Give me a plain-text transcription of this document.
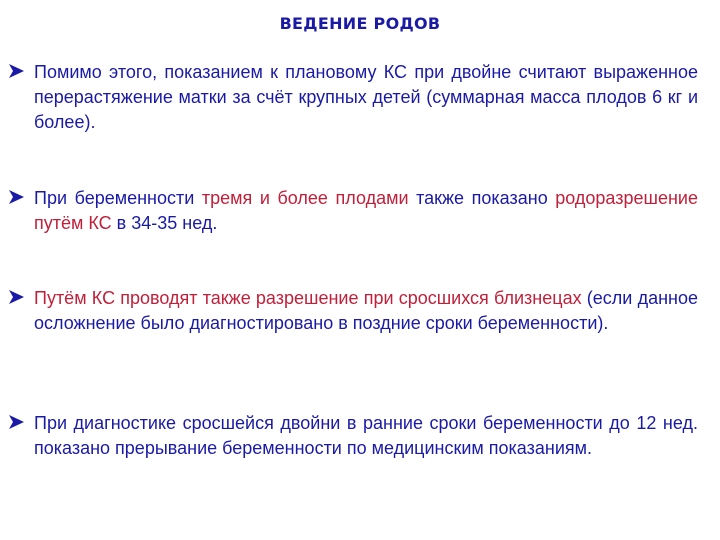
ВЕДЕНИЕ РОДОВ
Помимо этого, показанием к плановому КС при двойне считают выраженное перерастяжение матки за счёт крупных детей (суммарная масса плодов 6 кг и более).
При беременности тремя и более плодами также показано родоразрешение путём КС в 34-35 нед.
Путём КС проводят также разрешение при сросшихся близнецах (если данное осложнение было диагностировано в поздние сроки беременности).
При диагностике сросшейся двойни в ранние сроки беременности до 12 нед. показано прерывание беременности по медицинским показаниям.
